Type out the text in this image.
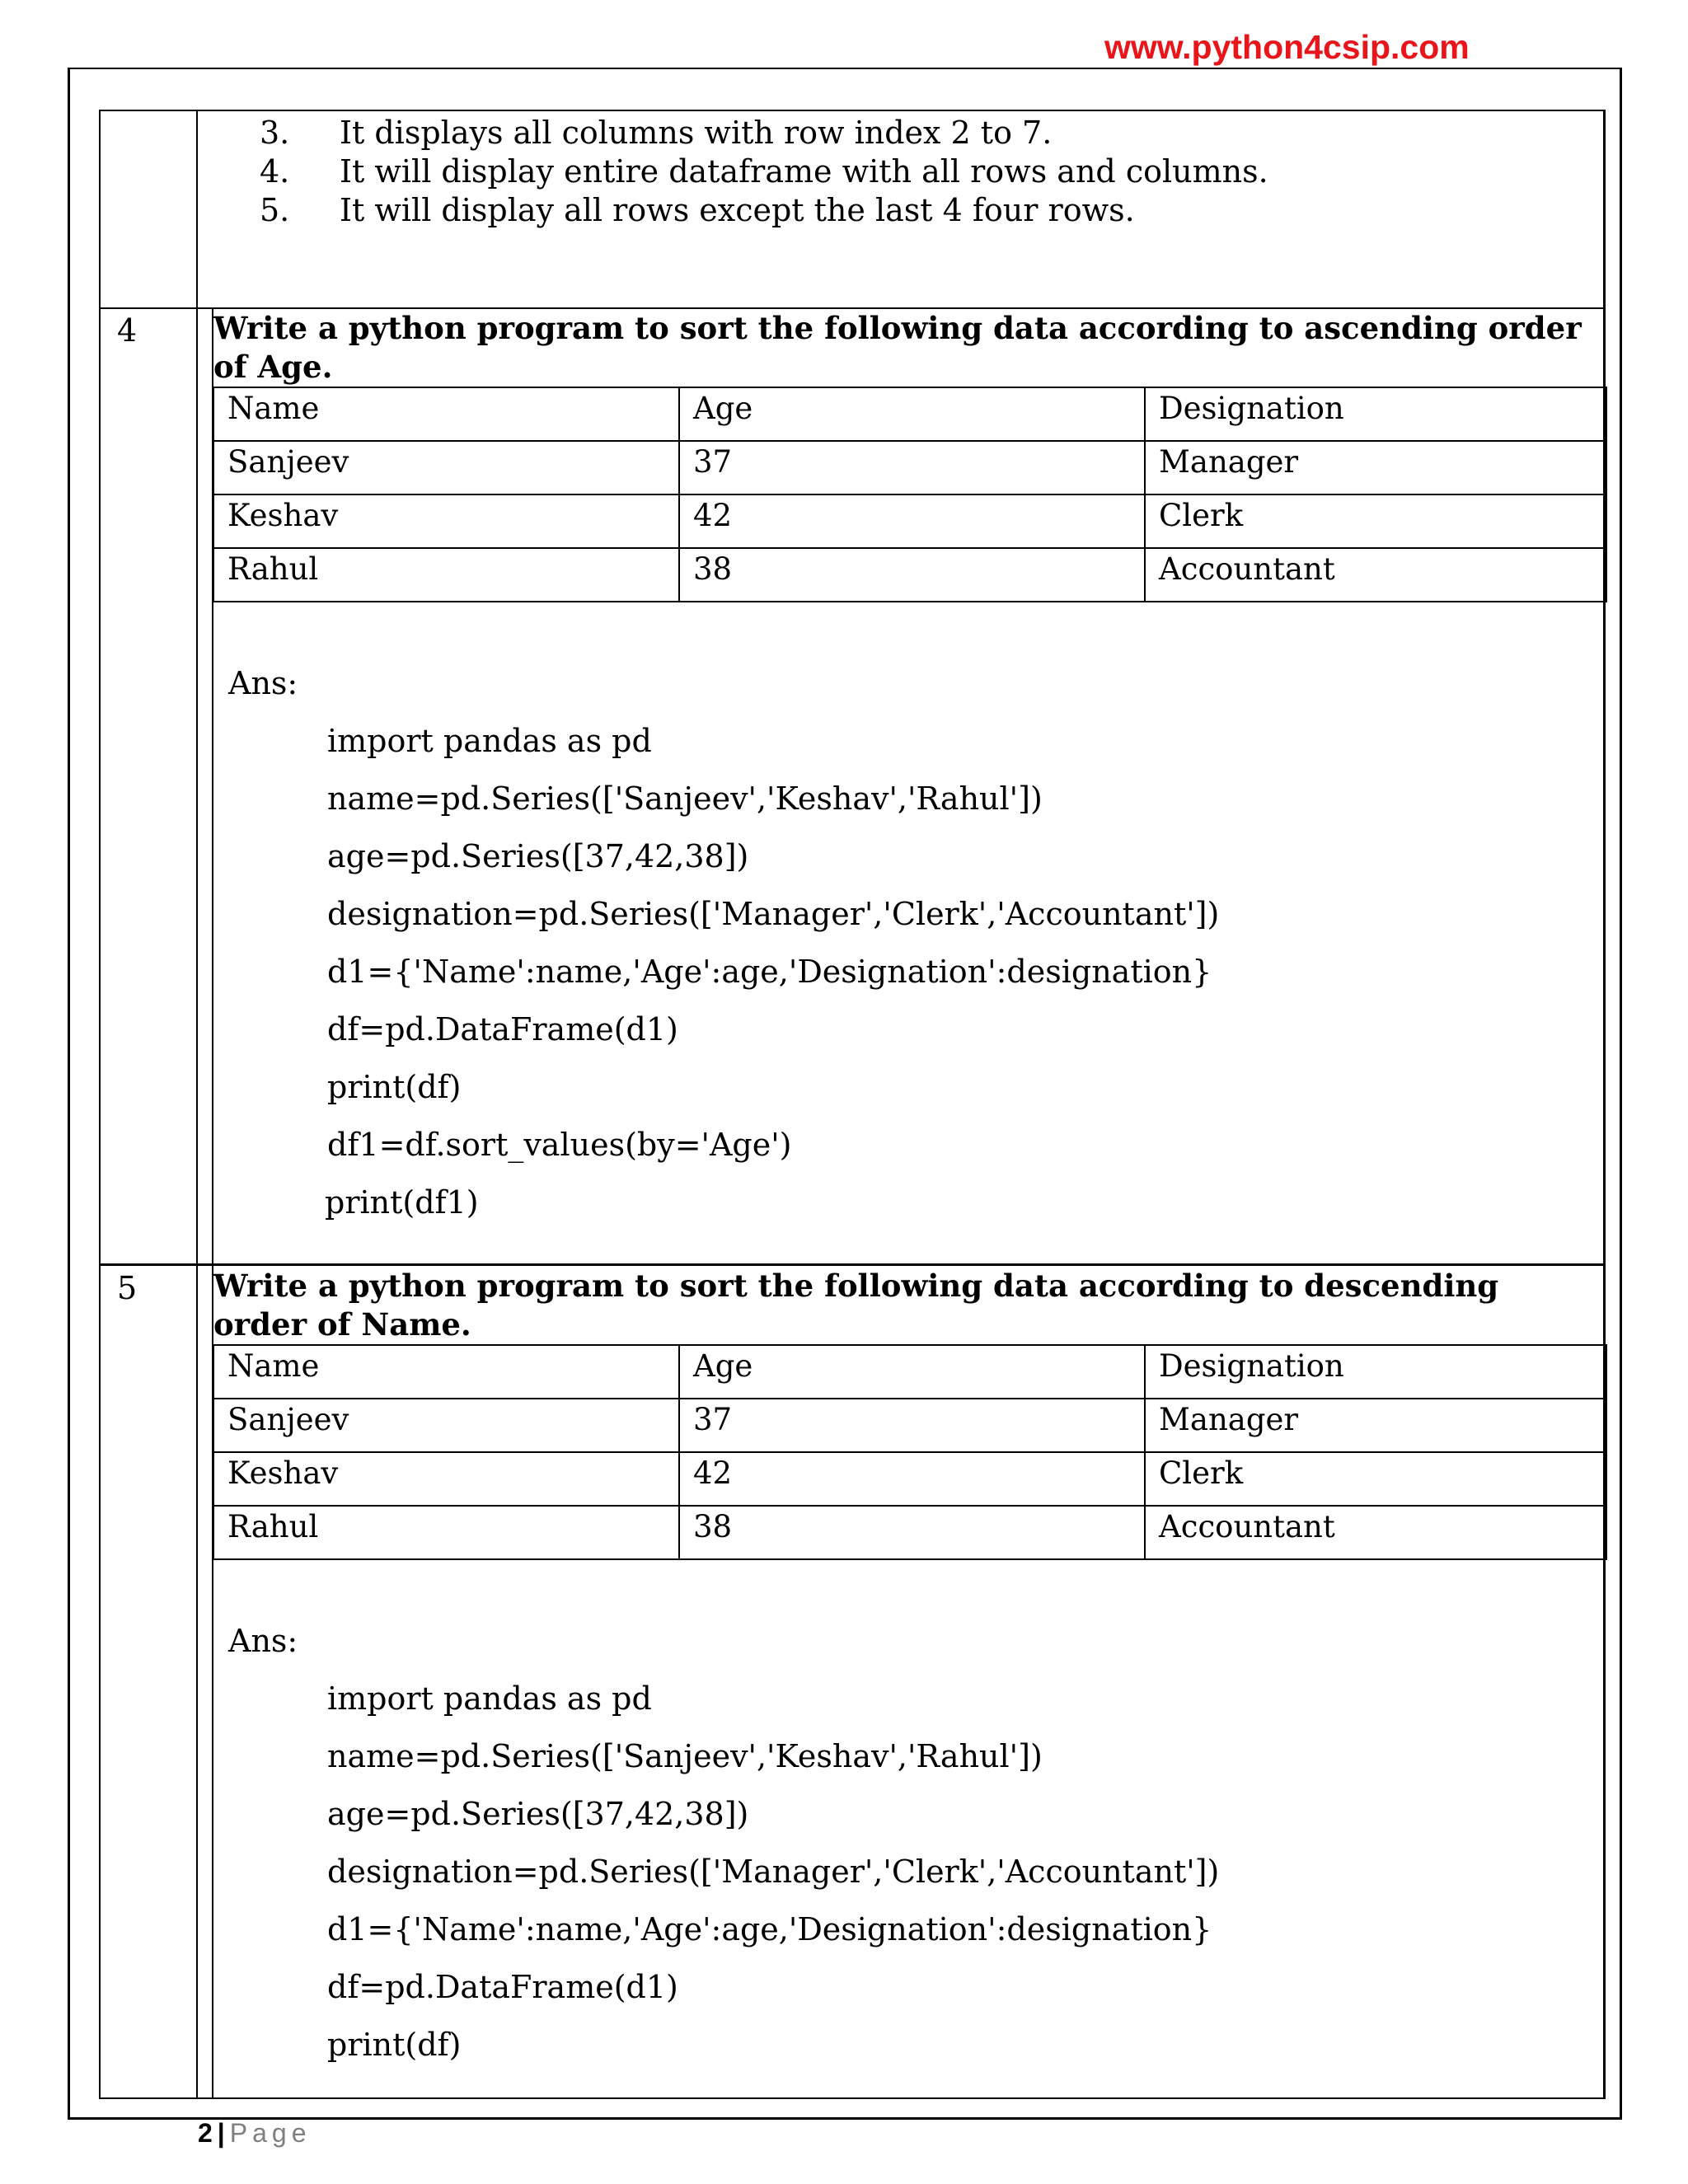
www.python4csip.com
3. It displays all columns with row index 2 to 7.
4. It will display entire dataframe with all rows and columns.
5. It will display all rows except the last 4 four rows.
4	Write a python program to sort the following data according to ascending order
of Age.
Name	Age	Designation
Sanjeev	37	Manager
Keshav	42	Clerk
Rahul	38	Accountant
Ans:
import pandas as pd
name=pd.Series(['Sanjeev','Keshav','Rahul'])
age=pd.Series([37,42,38])
designation=pd.Series(['Manager','Clerk','Accountant'])
d1={'Name':name,'Age':age,'Designation':designation}
df=pd.DataFrame(d1)
print(df)
df1=df.sort_values(by='Age')
print(df1)
5	Write a python program to sort the following data according to descending
order of Name.
Name	Age	Designation
Sanjeev	37	Manager
Keshav	42	Clerk
Rahul	38	Accountant
Ans:
import pandas as pd
name=pd.Series(['Sanjeev','Keshav','Rahul'])
age=pd.Series([37,42,38])
designation=pd.Series(['Manager','Clerk','Accountant'])
d1={'Name':name,'Age':age,'Designation':designation}
df=pd.DataFrame(d1)
print(df)
2 | Page
